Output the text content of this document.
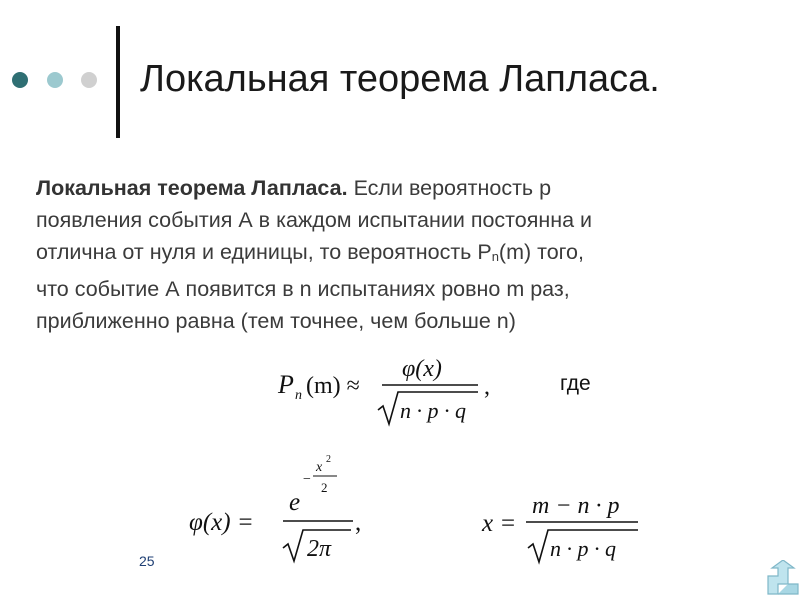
Локальная теорема Лапласа.
Локальная теорема Лапласа. Если вероятность p
появления события А в каждом испытании постоянна и
отлична от нуля и единицы, то вероятность Pn(m) того,
что событие А появится в n испытаниях ровно m раз,
приближенно равна (тем точнее, чем больше n)
P n (m) ≈
φ(x)
n · p · q
,	где
φ(x) =
e
−
x
2
2
2π
,	x =
m − n · p
n · p · q
25
